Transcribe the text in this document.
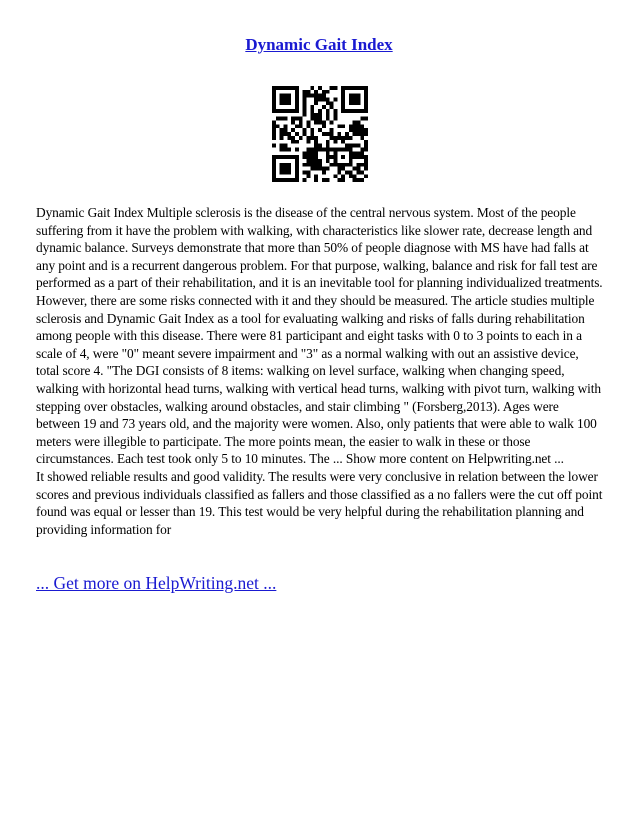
Dynamic Gait Index

Dynamic Gait Index Multiple sclerosis is the disease of the central nervous system. Most of the people suffering from it have the problem with walking, with characteristics like slower rate, decrease length and dynamic balance. Surveys demonstrate that more than 50% of people diagnose with MS have had falls at any point and is a recurrent dangerous problem. For that purpose, walking, balance and risk for fall test are performed as a part of their rehabilitation, and it is an inevitable tool for planning individualized treatments. However, there are some risks connected with it and they should be measured. The article studies multiple sclerosis and Dynamic Gait Index as a tool for evaluating walking and risks of falls during rehabilitation among people with this disease. There were 81 participant and eight tasks with 0 to 3 points to each in a scale of 4, were "0" meant severe impairment and "3" as a normal walking with out an assistive device, total score 4. "The DGI consists of 8 items: walking on level surface, walking when changing speed, walking with horizontal head turns, walking with vertical head turns, walking with pivot turn, walking with stepping over obstacles, walking around obstacles, and stair climbing " (Forsberg,2013). Ages were between 19 and 73 years old, and the majority were women. Also, only patients that were able to walk 100 meters were illegible to participate. The more points mean, the easier to walk in these or those circumstances. Each test took only 5 to 10 minutes. The ... Show more content on Helpwriting.net ...

It showed reliable results and good validity. The results were very conclusive in relation between the lower scores and previous individuals classified as fallers and those classified as a no fallers were the cut off point found was equal or lesser than 19. This test would be very helpful during the rehabilitation planning and providing information for

... Get more on HelpWriting.net ...
